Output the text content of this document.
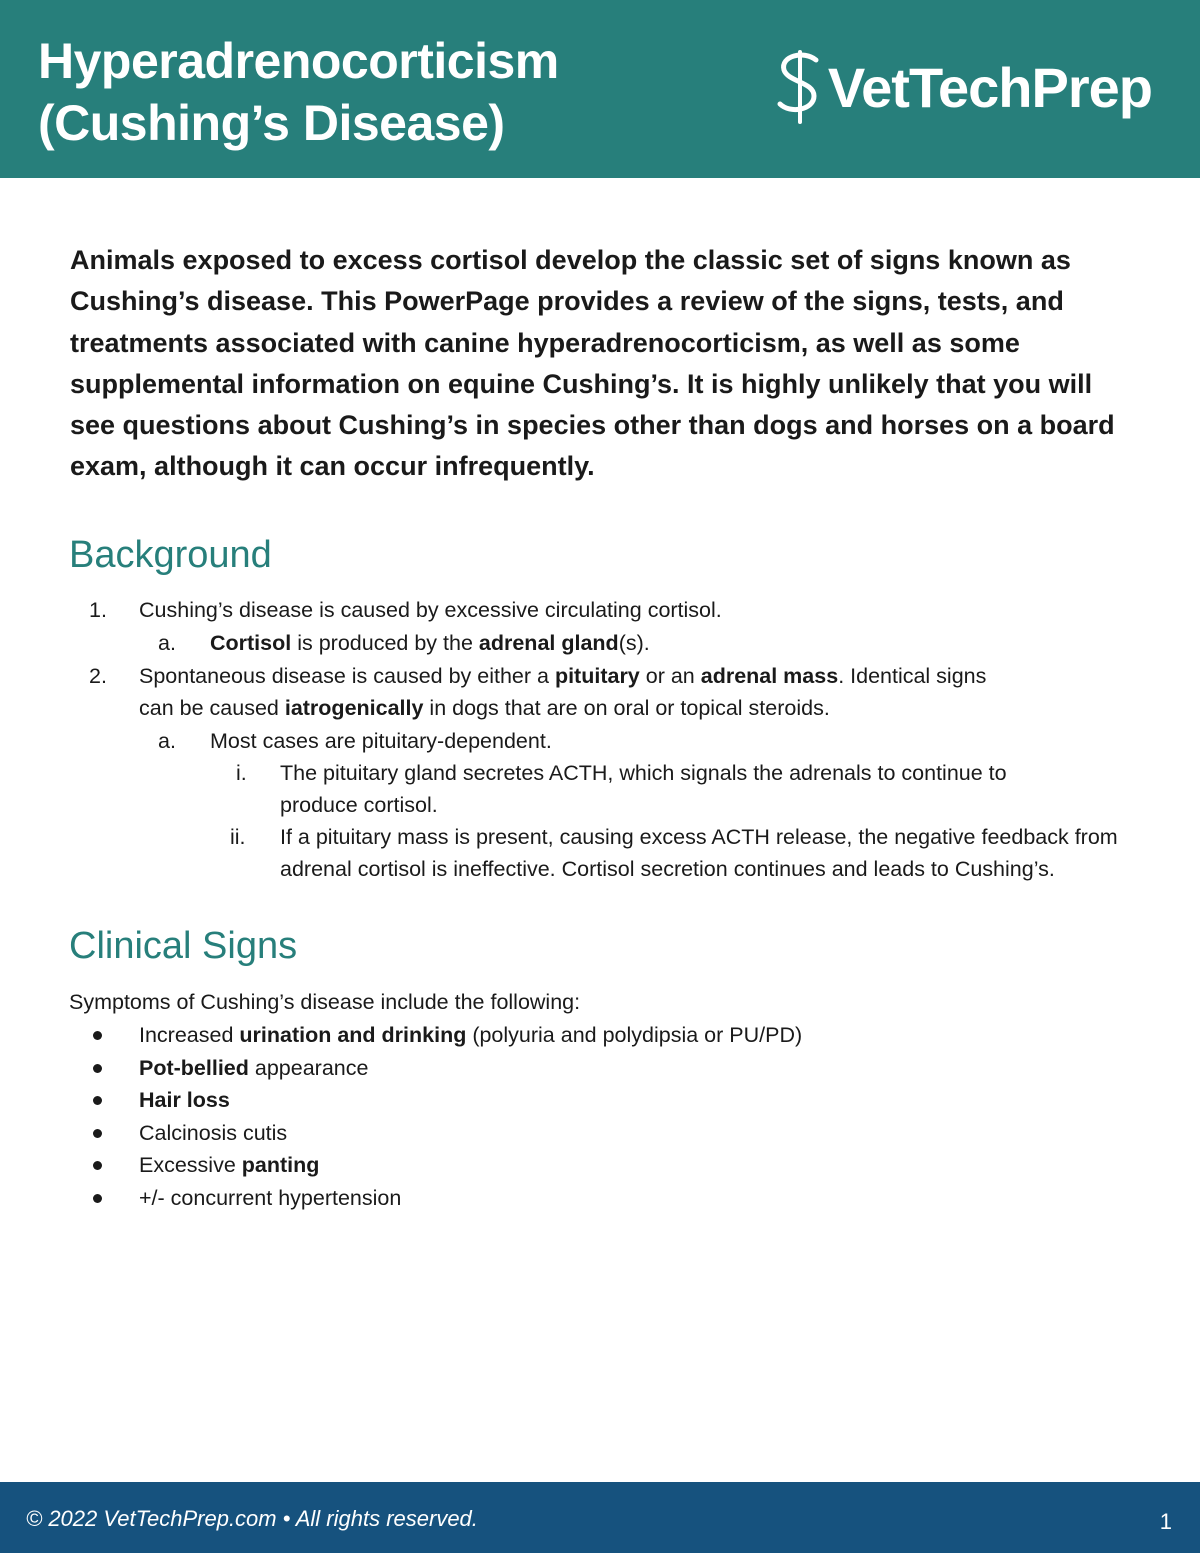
Hyperadrenocorticism
(Cushing’s Disease)
VetTechPrep
Animals exposed to excess cortisol develop the classic set of signs known as
Cushing’s disease. This PowerPage provides a review of the signs, tests, and
treatments associated with canine hyperadrenocorticism, as well as some
supplemental information on equine Cushing’s. It is highly unlikely that you will
see questions about Cushing’s in species other than dogs and horses on a board
exam, although it can occur infrequently.
Background
1. Cushing’s disease is caused by excessive circulating cortisol.
a. Cortisol is produced by the adrenal gland(s).
2. Spontaneous disease is caused by either a pituitary or an adrenal mass. Identical signs
can be caused iatrogenically in dogs that are on oral or topical steroids.
a. Most cases are pituitary-dependent.
i. The pituitary gland secretes ACTH, which signals the adrenals to continue to
produce cortisol.
ii. If a pituitary mass is present, causing excess ACTH release, the negative feedback from
adrenal cortisol is ineffective. Cortisol secretion continues and leads to Cushing’s.
Clinical Signs
Symptoms of Cushing’s disease include the following:
Increased urination and drinking (polyuria and polydipsia or PU/PD)
Pot-bellied appearance
Hair loss
Calcinosis cutis
Excessive panting
+/- concurrent hypertension
© 2022 VetTechPrep.com • All rights reserved.	1
